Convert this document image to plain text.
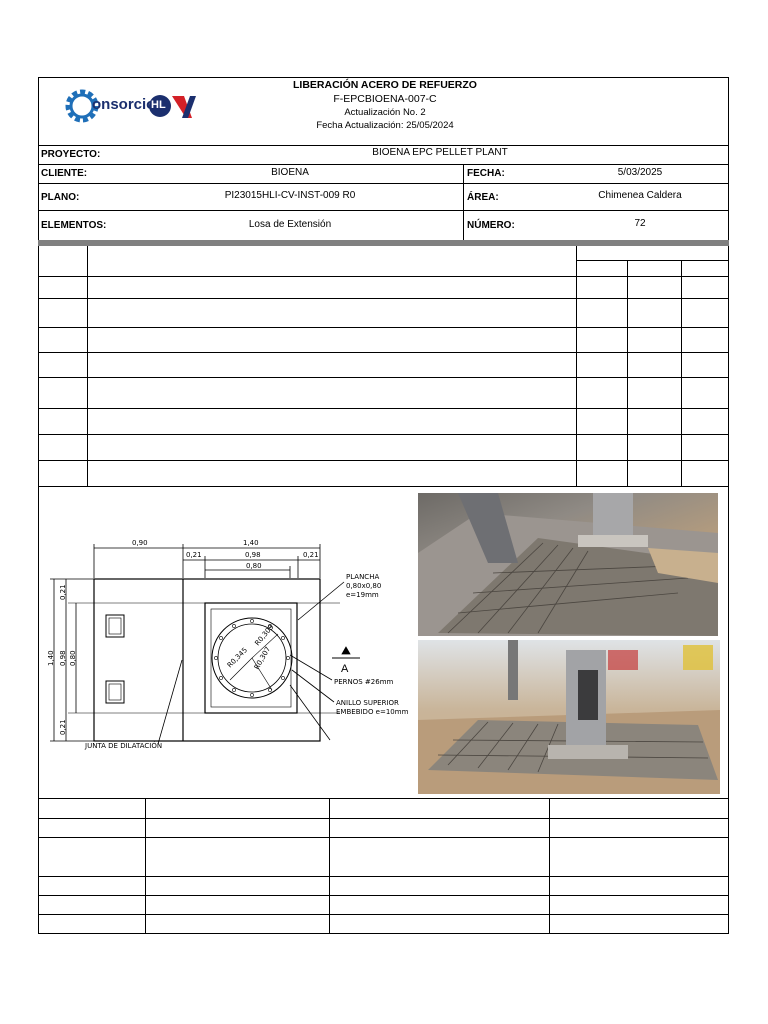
onsorcio
HL
LIBERACIÓN ACERO DE REFUERZO
F-EPCBIOENA-007-C
Actualización No. 2
Fecha Actualización: 25/05/2024
PROYECTO:	BIOENA EPC PELLET PLANT
CLIENTE:	BIOENA	FECHA:	5/03/2025
PLANO:	PI23015HLI-CV-INST-009 R0	ÁREA:	Chimenea Caldera
ELEMENTOS:	Losa de Extensión	NÚMERO:	72
0,90	1,40
0,21	0,98	0,21
0,80
1,40 0,98 0,80
0,21
0,21
PLANCHA
0,80x0,80
e=19mm
A
PERNOS #26mm
ANILLO SUPERIOR
EMBEBIDO e=10mm
JUNTA DE DILATACIÓN
R0,345
R0,303
R0,307
